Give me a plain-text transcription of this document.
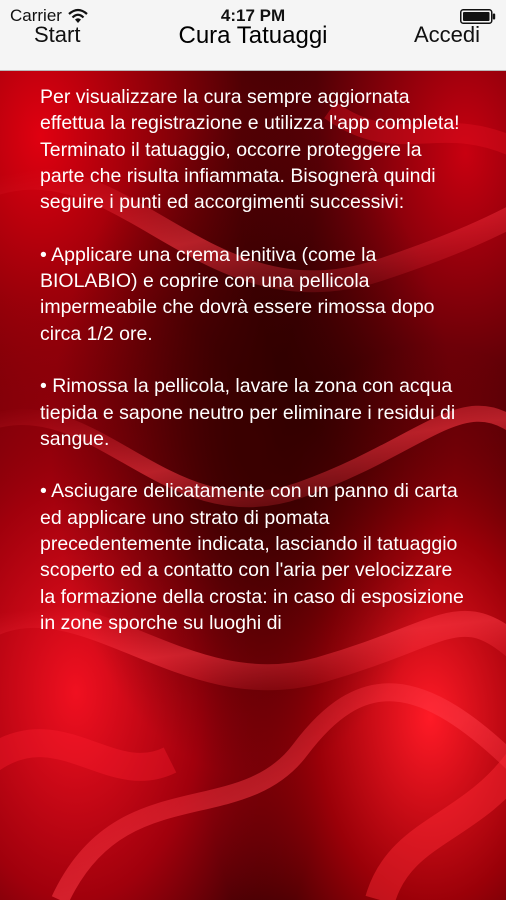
Carrier	4:17 PM
Start	Cura Tatuaggi	Accedi

Per visualizzare la cura sempre aggiornata effettua la registrazione e utilizza l'app completa!

Terminato il tatuaggio, occorre proteggere la parte che risulta infiammata. Bisognerà quindi seguire i punti ed accorgimenti successivi:

• Applicare una crema lenitiva (come la BIOLABIO) e coprire con una pellicola impermeabile che dovrà essere rimossa dopo circa 1/2 ore.

• Rimossa la pellicola, lavare la zona con acqua tiepida e sapone neutro per eliminare i residui di sangue.

• Asciugare delicatamente con un panno di carta ed applicare uno strato di pomata precedentemente indicata, lasciando il tatuaggio scoperto ed a contatto con l'aria per velocizzare la formazione della crosta: in caso di esposizione in zone sporche su luoghi di
